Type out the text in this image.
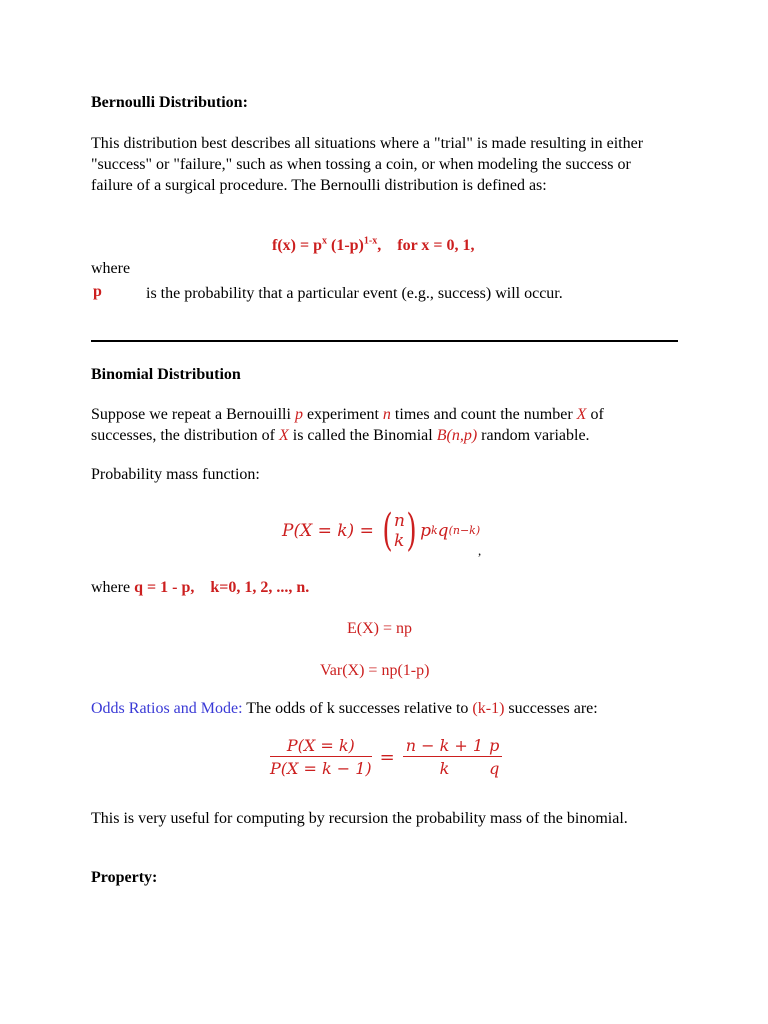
Bernoulli Distribution:
This distribution best describes all situations where a "trial" is made resulting in either "success" or "failure," such as when tossing a coin, or when modeling the success or failure of a surgical procedure. The Bernoulli distribution is defined as:
$f(x) = p^x$ $(1-p)^{1-x}$,    for x = 0, 1,
where
p	is the probability that a particular event (e.g., success) will occur.
Binomial Distribution
Suppose we repeat a Bernouilli p experiment n times and count the number X of successes, the distribution of X is called the Binomial B(n,p) random variable.
Probability mass function:
P(X = k) = ( n
k ) p k q (n−k)
,
where q = 1 - p,    k=0, 1, 2, ..., n.
E(X) = np
Var(X) = np(1-p)
Odds Ratios and Mode: The odds of k successes relative to (k-1) successes are:
$\frac{P(X = k)}{P(X = k - 1)} = \frac{n - k + 1}{k} \frac{p}{q}$
This is very useful for computing by recursion the probability mass of the binomial.
Property:
